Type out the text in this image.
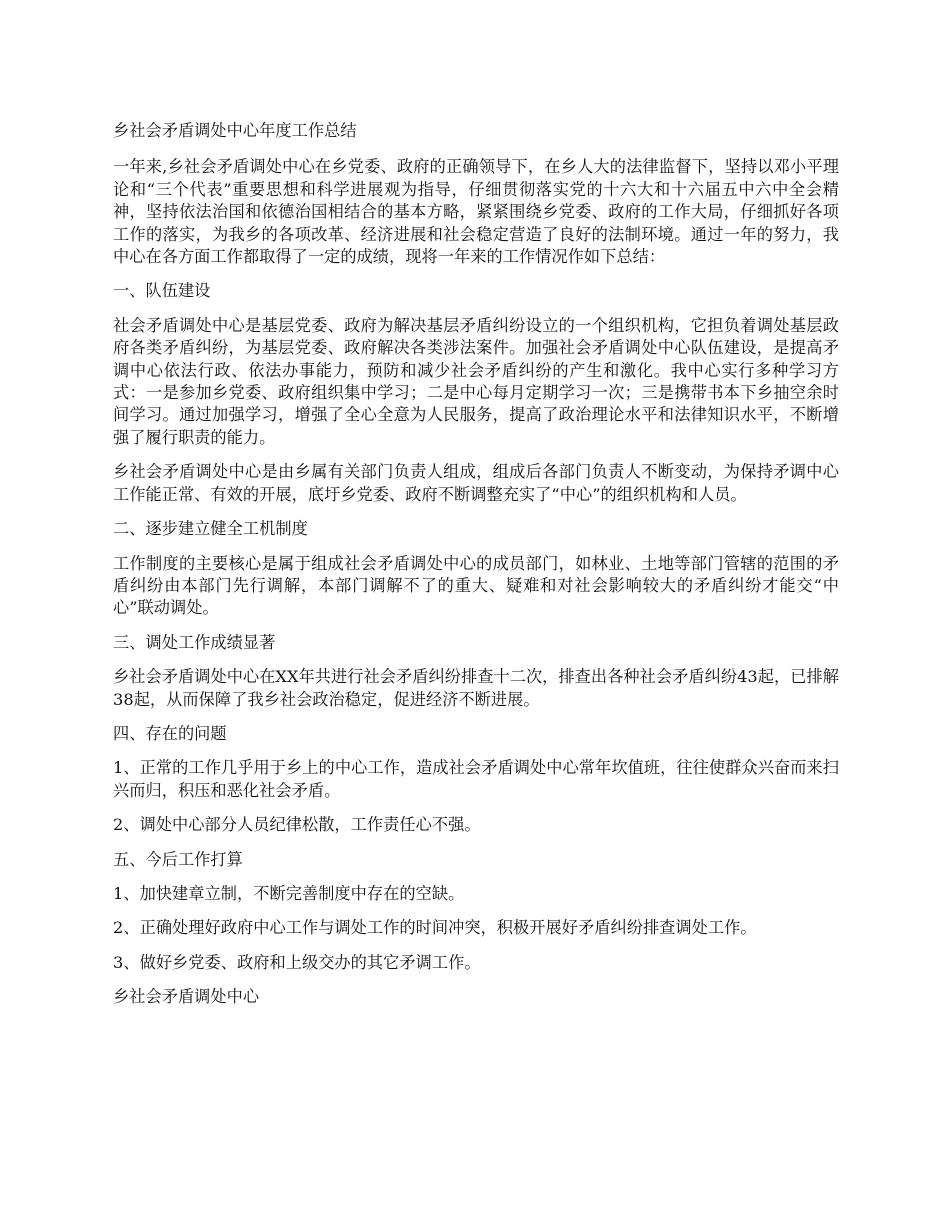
乡社会矛盾调处中心年度工作总结

一年来,乡社会矛盾调处中心在乡党委、政府的正确领导下，在乡人大的法律监督下，坚持以邓小平理论和“三个代表”重要思想和科学进展观为指导，仔细贯彻落实党的十六大和十六届五中六中全会精神，坚持依法治国和依德治国相结合的基本方略，紧紧围绕乡党委、政府的工作大局，仔细抓好各项工作的落实，为我乡的各项改革、经济进展和社会稳定营造了良好的法制环境。通过一年的努力，我中心在各方面工作都取得了一定的成绩，现将一年来的工作情况作如下总结：

一、队伍建设

社会矛盾调处中心是基层党委、政府为解决基层矛盾纠纷设立的一个组织机构，它担负着调处基层政府各类矛盾纠纷，为基层党委、政府解决各类涉法案件。加强社会矛盾调处中心队伍建设，是提高矛调中心依法行政、依法办事能力，预防和减少社会矛盾纠纷的产生和激化。我中心实行多种学习方式：一是参加乡党委、政府组织集中学习；二是中心每月定期学习一次；三是携带书本下乡抽空余时间学习。通过加强学习，增强了全心全意为人民服务，提高了政治理论水平和法律知识水平，不断增强了履行职责的能力。

乡社会矛盾调处中心是由乡属有关部门负责人组成，组成后各部门负责人不断变动，为保持矛调中心工作能正常、有效的开展，底圩乡党委、政府不断调整充实了“中心”的组织机构和人员。

二、逐步建立健全工机制度

工作制度的主要核心是属于组成社会矛盾调处中心的成员部门，如林业、土地等部门管辖的范围的矛盾纠纷由本部门先行调解，本部门调解不了的重大、疑难和对社会影响较大的矛盾纠纷才能交“中心”联动调处。

三、调处工作成绩显著

乡社会矛盾调处中心在XX年共进行社会矛盾纠纷排查十二次，排查出各种社会矛盾纠纷43起，已排解38起，从而保障了我乡社会政治稳定，促进经济不断进展。

四、存在的问题

1、正常的工作几乎用于乡上的中心工作，造成社会矛盾调处中心常年坎值班，往往使群众兴奋而来扫兴而归，积压和恶化社会矛盾。

2、调处中心部分人员纪律松散，工作责任心不强。

五、今后工作打算

1、加快建章立制，不断完善制度中存在的空缺。

2、正确处理好政府中心工作与调处工作的时间冲突，积极开展好矛盾纠纷排查调处工作。

3、做好乡党委、政府和上级交办的其它矛调工作。

乡社会矛盾调处中心
